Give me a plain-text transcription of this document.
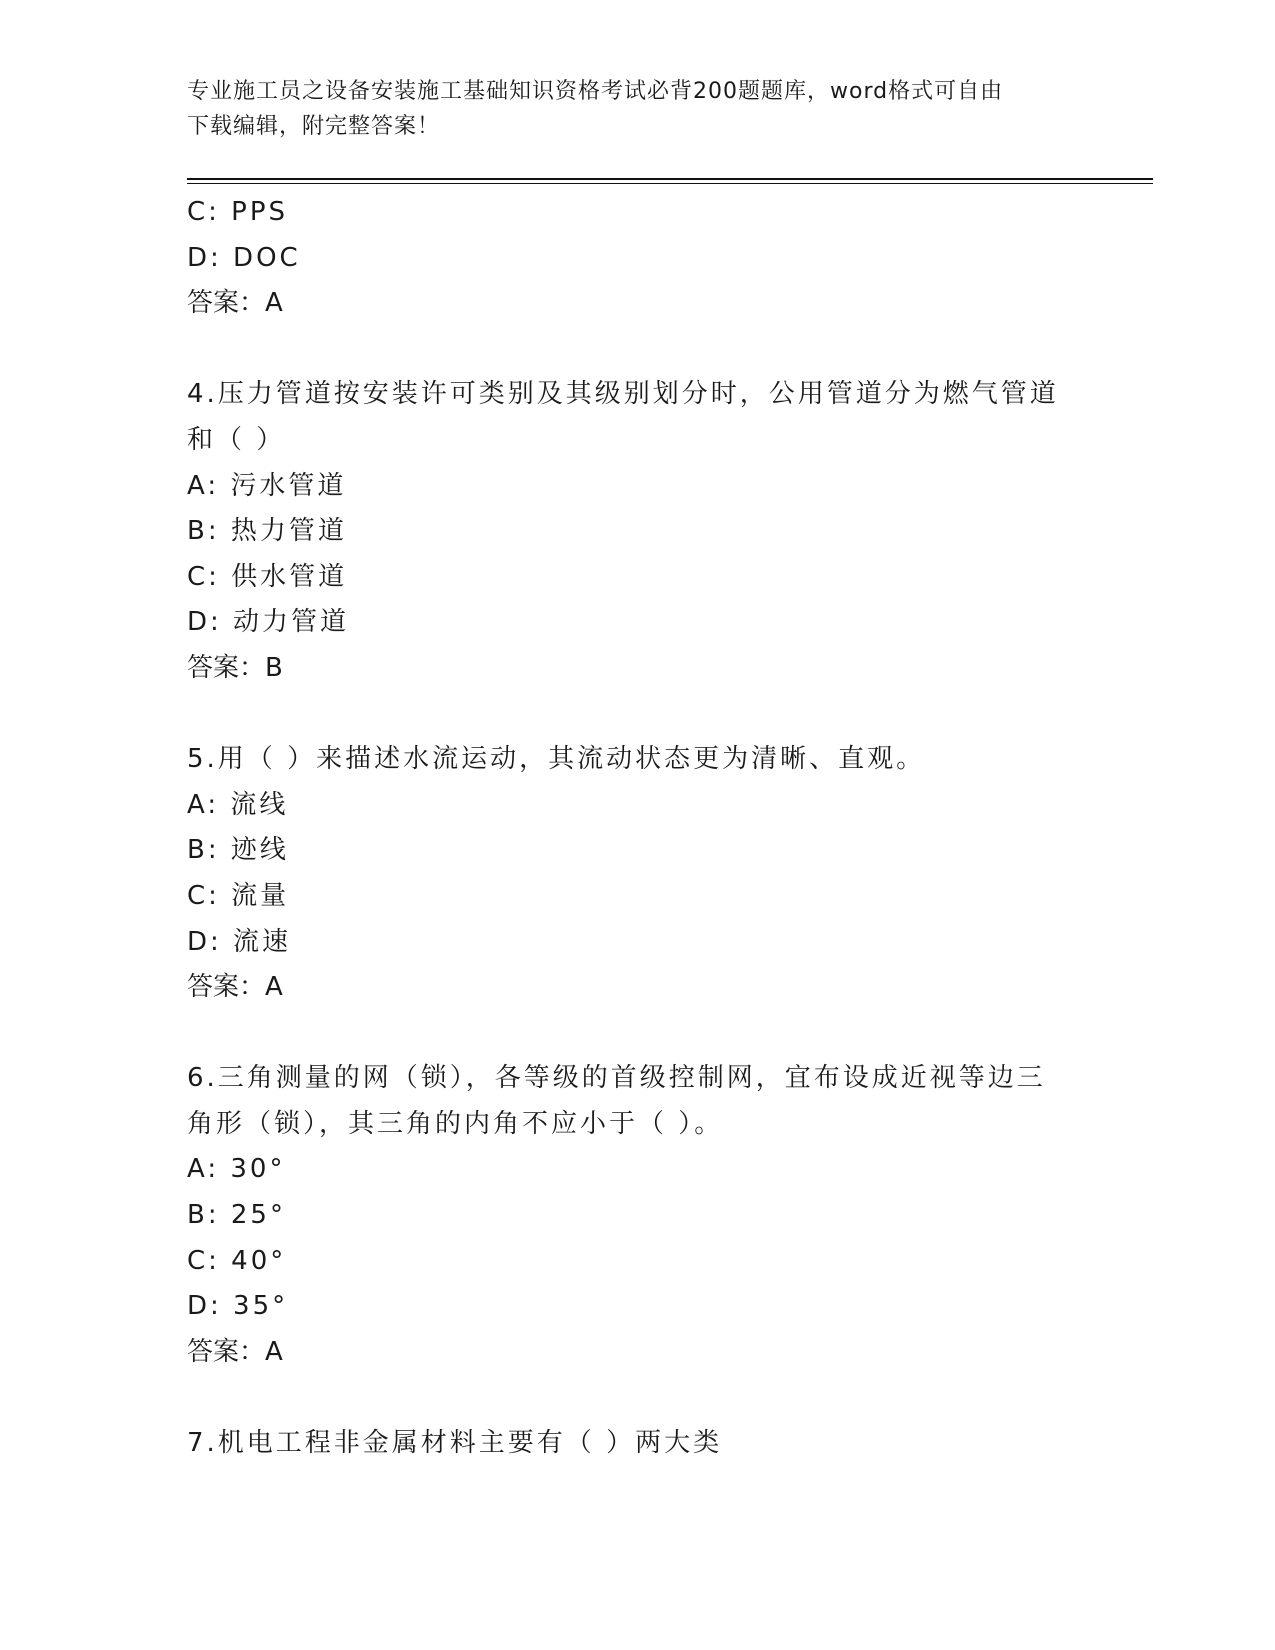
专业施工员之设备安装施工基础知识资格考试必背200题题库，word格式可自由
下载编辑，附完整答案！
C: PPS
D: DOC
答案：A
4.压力管道按安装许可类别及其级别划分时，公用管道分为燃气管道
和（ ）
A: 污水管道
B: 热力管道
C: 供水管道
D: 动力管道
答案：B
5.用（ ）来描述水流运动，其流动状态更为清晰、直观。
A: 流线
B: 迹线
C: 流量
D: 流速
答案：A
6.三角测量的网（锁），各等级的首级控制网，宜布设成近视等边三
角形（锁），其三角的内角不应小于（ ）。
A: 30°
B: 25°
C: 40°
D: 35°
答案：A
7.机电工程非金属材料主要有（ ）两大类
